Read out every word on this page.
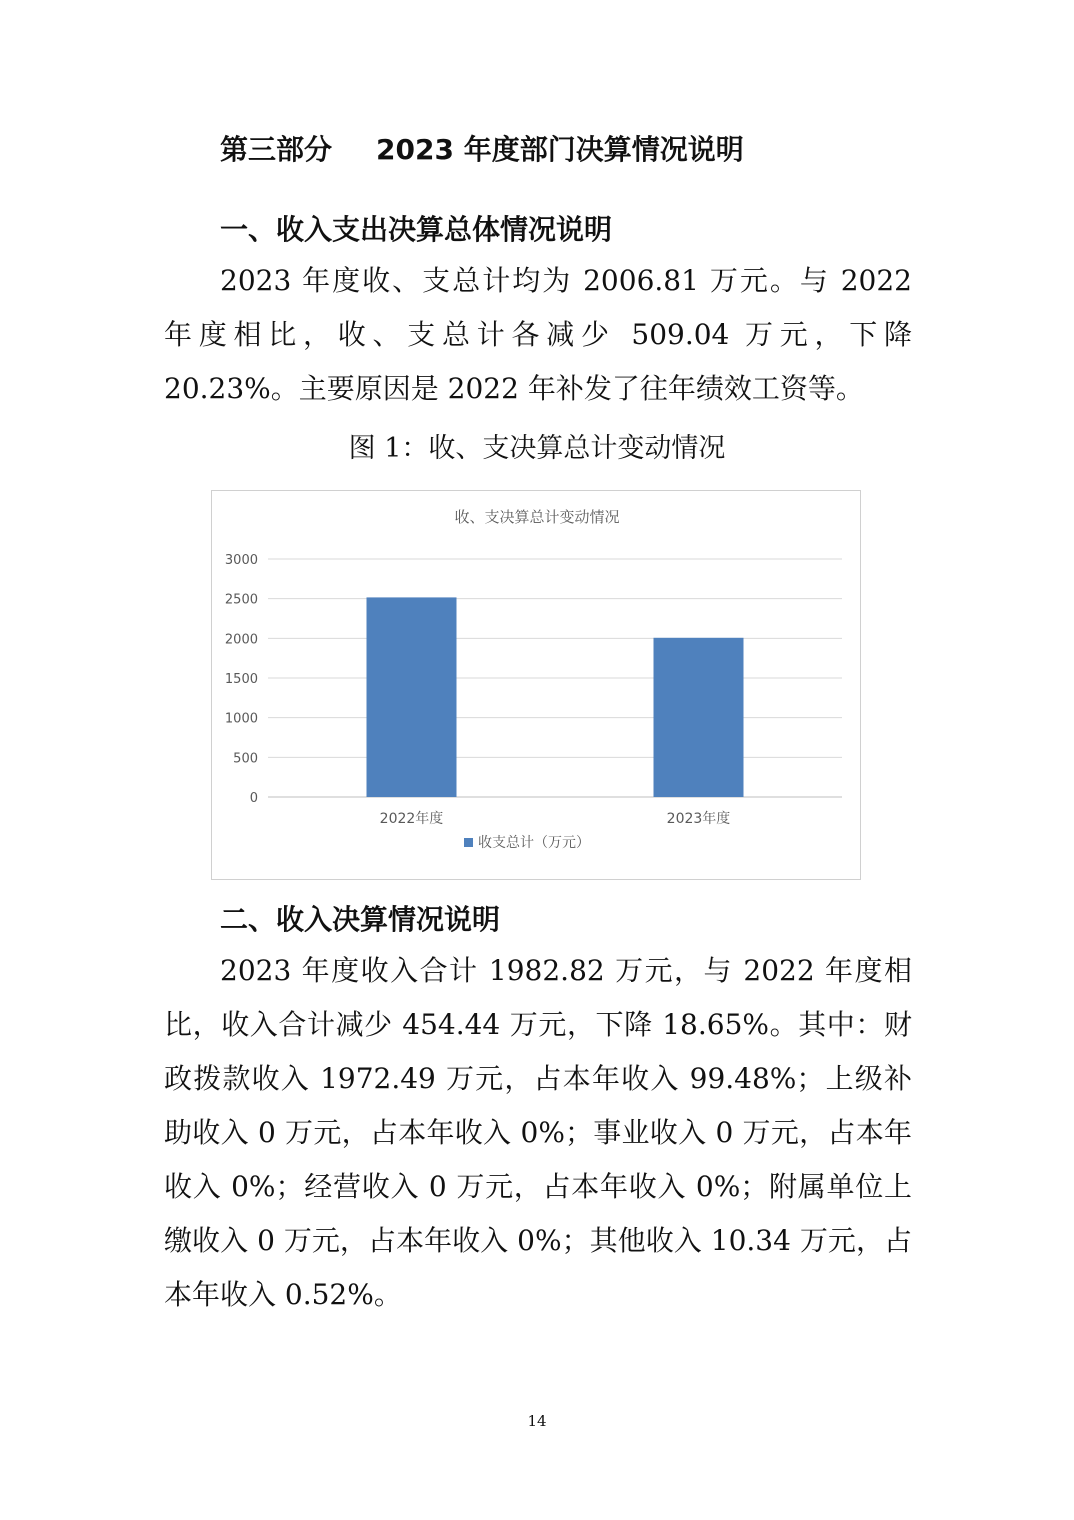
第三部分 2023 年度部门决算情况说明
一、收入支出决算总体情况说明

2023 年度收、支总计均为 2006.81 万元。与 2022 年度相比，收、支总计各减少 509.04 万元，下降 20.23%。主要原因是 2022 年补发了往年绩效工资等。

图 1：收、支决算总计变动情况
收、支决算总计变动情况
0
500
1000
1500
2000
2500
3000
2022年度	2023年度
收支总计（万元）
二、收入决算情况说明

2023 年度收入合计 1982.82 万元，与 2022 年度相比，收入合计减少 454.44 万元，下降 18.65%。其中：财政拨款收入 1972.49 万元，占本年收入 99.48%；上级补助收入 0 万元，占本年收入 0%；事业收入 0 万元，占本年收入 0%；经营收入 0 万元，占本年收入 0%；附属单位上缴收入 0 万元，占本年收入 0%；其他收入 10.34 万元，占本年收入 0.52%。

14
